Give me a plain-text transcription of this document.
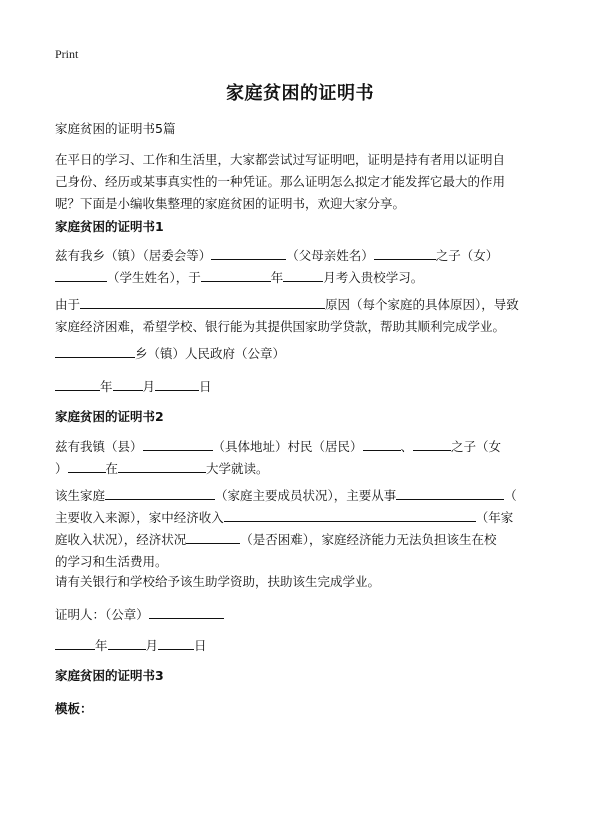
Print
家庭贫困的证明书
家庭贫困的证明书5篇
在平日的学习、工作和生活里，大家都尝试过写证明吧，证明是持有者用以证明自
己身份、经历或某事真实性的一种凭证。那么证明怎么拟定才能发挥它最大的作用
呢？下面是小编收集整理的家庭贫困的证明书，欢迎大家分享。
家庭贫困的证明书1
兹有我乡（镇）（居委会等）	（父母亲姓名）	之子（女）
（学生姓名），于	年	月考入贵校学习。
由于	原因（每个家庭的具体原因），导致
家庭经济困难，希望学校、银行能为其提供国家助学贷款，帮助其顺利完成学业。
乡（镇）人民政府（公章）
年 月	日
家庭贫困的证明书2
兹有我镇（县）	（具体地址）村民（居民）	、	之子（女
）	在	大学就读。
该生家庭	（家庭主要成员状况），主要从事	（
主要收入来源），家中经济收入	（年家
庭收入状况），经济状况	（是否困难），家庭经济能力无法负担该生在校
的学习和生活费用。
请有关银行和学校给予该生助学资助，扶助该生完成学业。
证明人：（公章）
年	月	日
家庭贫困的证明书3
模板：
